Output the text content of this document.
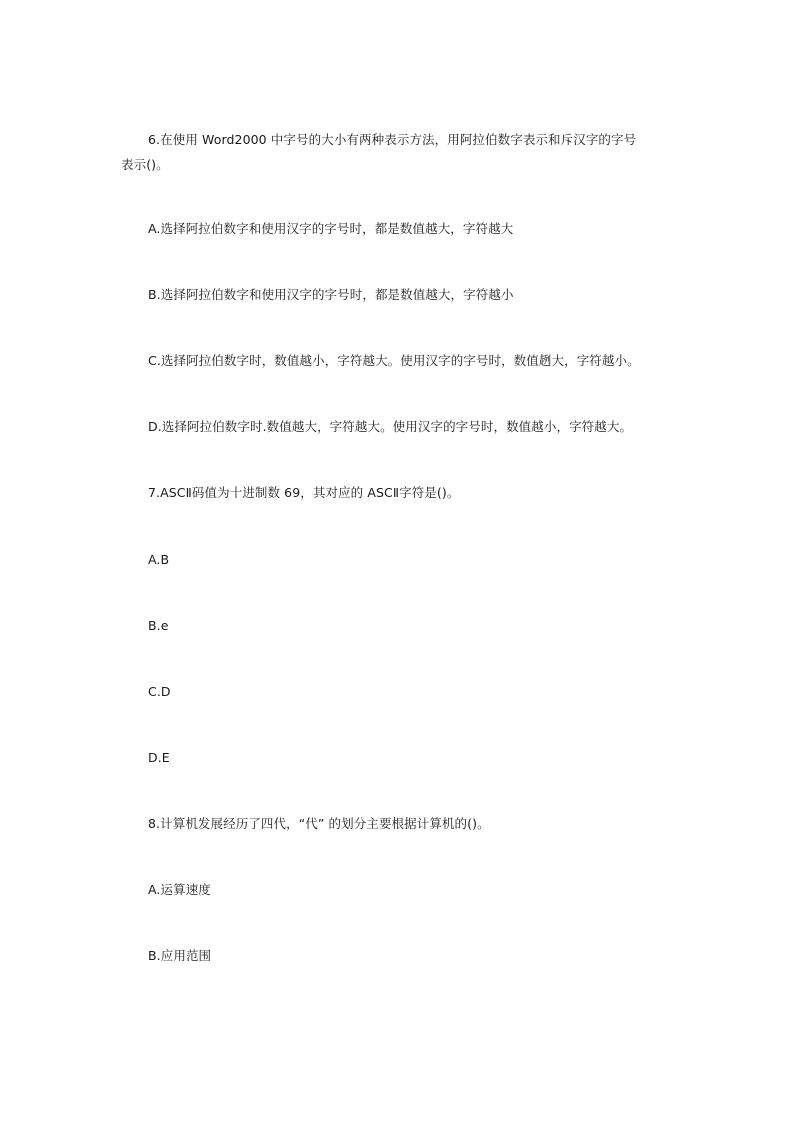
6.在使用 Word2000 中字号的大小有两种表示方法，用阿拉伯数字表示和斥汉字的字号
表示()。
A.选择阿拉伯数字和使用汉字的字号时，都是数值越大，字符越大
B.选择阿拉伯数字和使用汉字的字号时，都是数值越大，字符越小
C.选择阿拉伯数字时，数值越小，字符越大。使用汉字的字号时，数值趔大，字符越小。
D.选择阿拉伯数字时.数值越大，字符越大。使用汉字的字号时，数值越小，字符越大。
7.ASCⅡ码值为十进制数 69，其对应的 ASCⅡ字符是()。
A.B
B.e
C.D
D.E
8.计算机发展经历了四代，“代” 的划分主要根据计算机的()。
A.运算速度
B.应用范围
